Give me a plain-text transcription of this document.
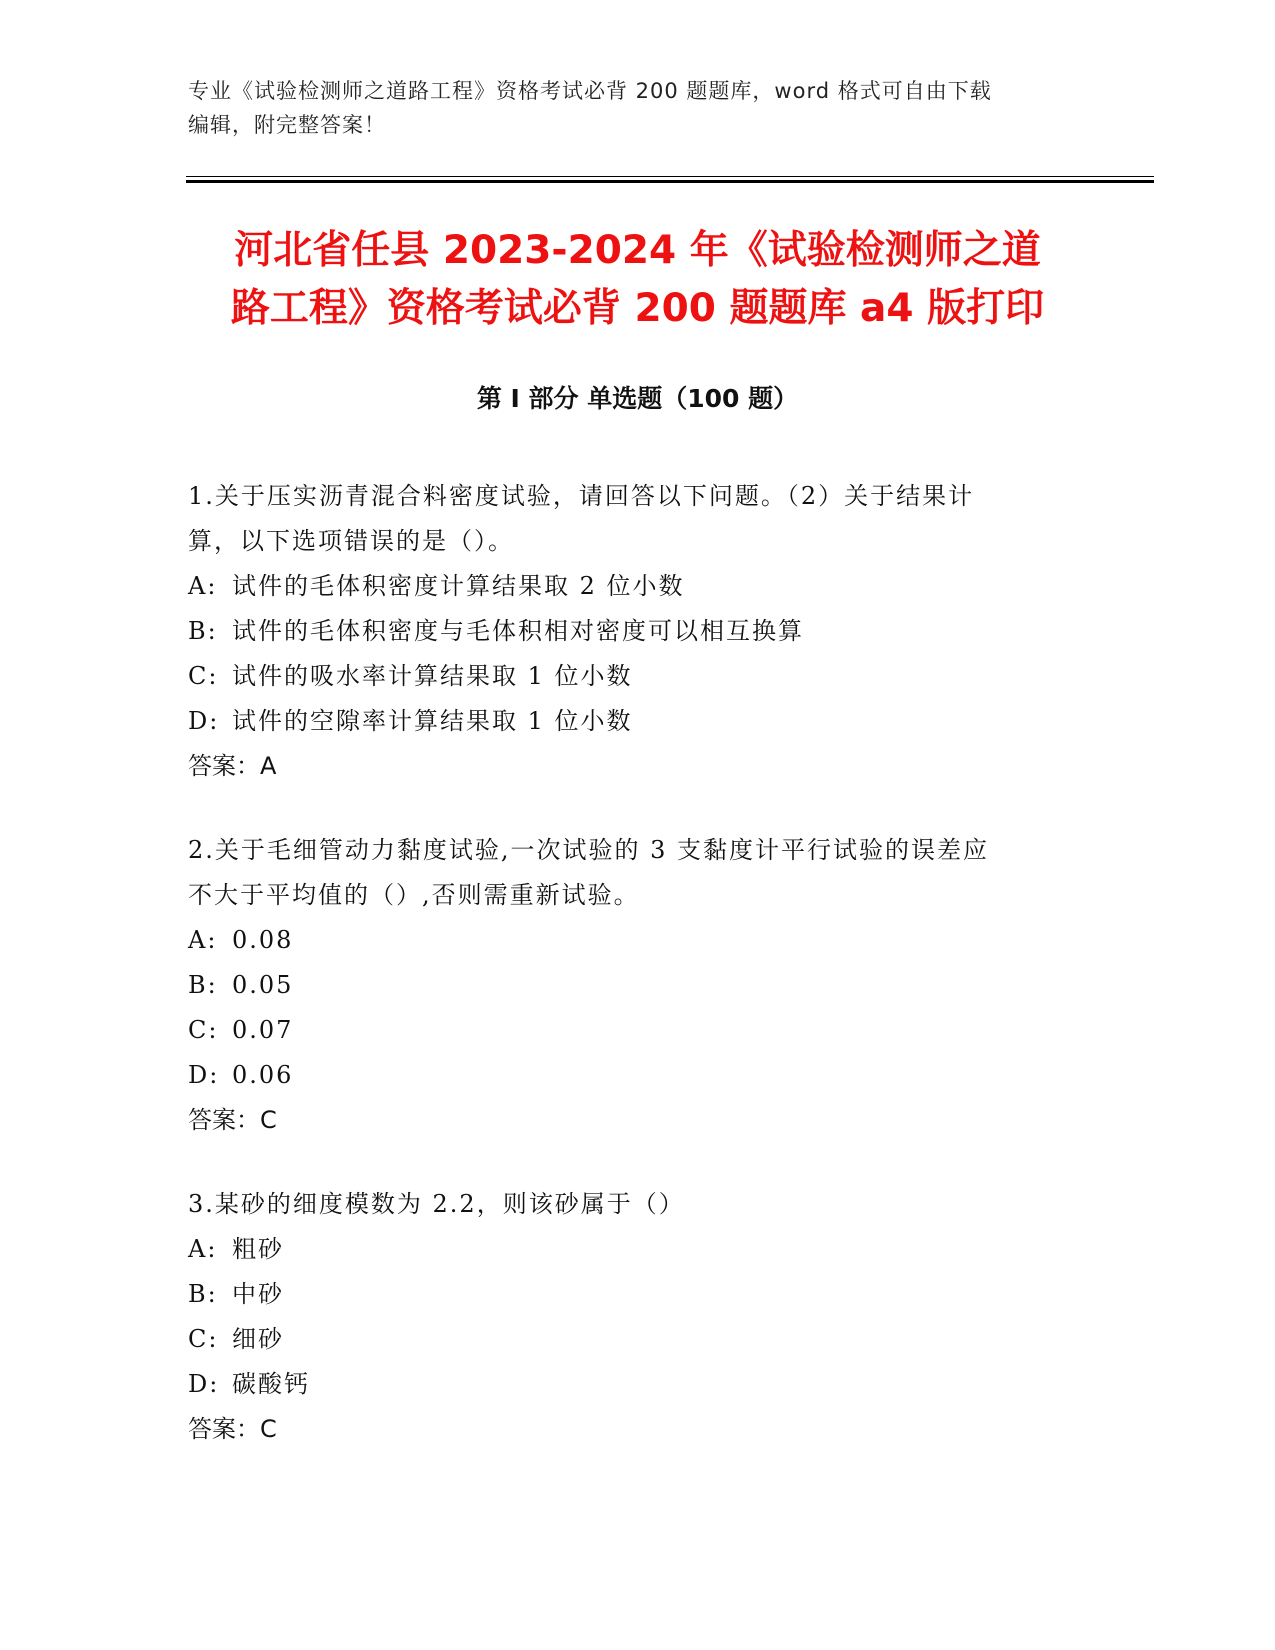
专业《试验检测师之道路工程》资格考试必背 200 题题库，word 格式可自由下载
编辑，附完整答案！
河北省任县 2023-2024 年《试验检测师之道
路工程》资格考试必背 200 题题库 a4 版打印
第 I 部分 单选题（100 题）
1.关于压实沥青混合料密度试验，请回答以下问题。（2）关于结果计
算，以下选项错误的是（）。
A: 试件的毛体积密度计算结果取 2 位小数
B: 试件的毛体积密度与毛体积相对密度可以相互换算
C: 试件的吸水率计算结果取 1 位小数
D: 试件的空隙率计算结果取 1 位小数
答案：A
2.关于毛细管动力黏度试验,一次试验的 3 支黏度计平行试验的误差应
不大于平均值的（）,否则需重新试验。
A: 0.08
B: 0.05
C: 0.07
D: 0.06
答案：C
3.某砂的细度模数为 2.2，则该砂属于（）
A: 粗砂
B: 中砂
C: 细砂
D: 碳酸钙
答案：C
